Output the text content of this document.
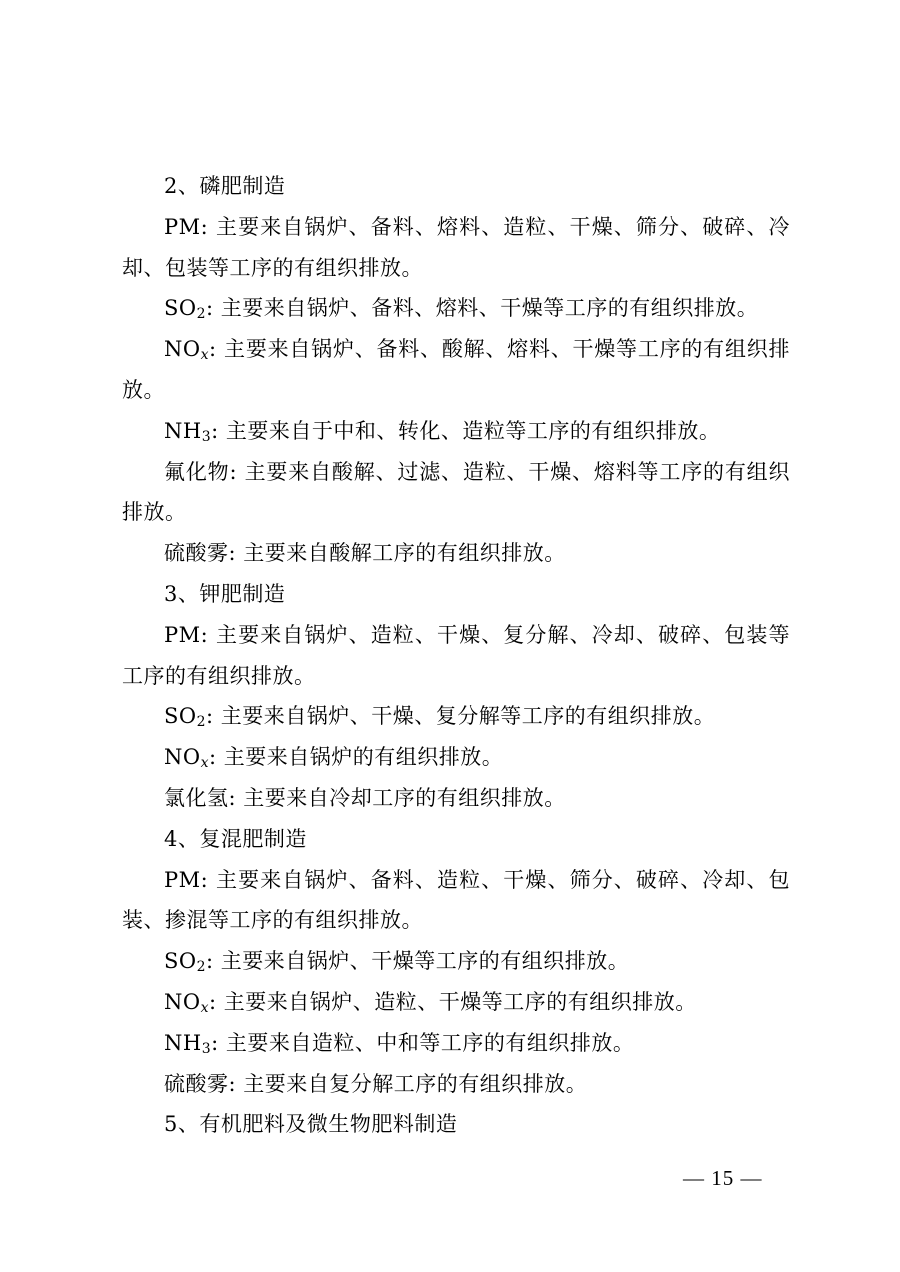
2、磷肥制造

PM: 主要来自锅炉、备料、熔料、造粒、干燥、筛分、破碎、冷却、包装等工序的有组织排放。

$SO_2$: 主要来自锅炉、备料、熔料、干燥等工序的有组织排放。

$NO_x$: 主要来自锅炉、备料、酸解、熔料、干燥等工序的有组织排放。

$NH_3$: 主要来自于中和、转化、造粒等工序的有组织排放。

氟化物: 主要来自酸解、过滤、造粒、干燥、熔料等工序的有组织排放。

硫酸雾: 主要来自酸解工序的有组织排放。

3、钾肥制造

PM: 主要来自锅炉、造粒、干燥、复分解、冷却、破碎、包装等工序的有组织排放。

$SO_2$: 主要来自锅炉、干燥、复分解等工序的有组织排放。

$NO_x$: 主要来自锅炉的有组织排放。

氯化氢: 主要来自冷却工序的有组织排放。

4、复混肥制造

PM: 主要来自锅炉、备料、造粒、干燥、筛分、破碎、冷却、包装、掺混等工序的有组织排放。

$SO_2$: 主要来自锅炉、干燥等工序的有组织排放。

$NO_x$: 主要来自锅炉、造粒、干燥等工序的有组织排放。

$NH_3$: 主要来自造粒、中和等工序的有组织排放。

硫酸雾: 主要来自复分解工序的有组织排放。

5、有机肥料及微生物肥料制造

— 15 —
